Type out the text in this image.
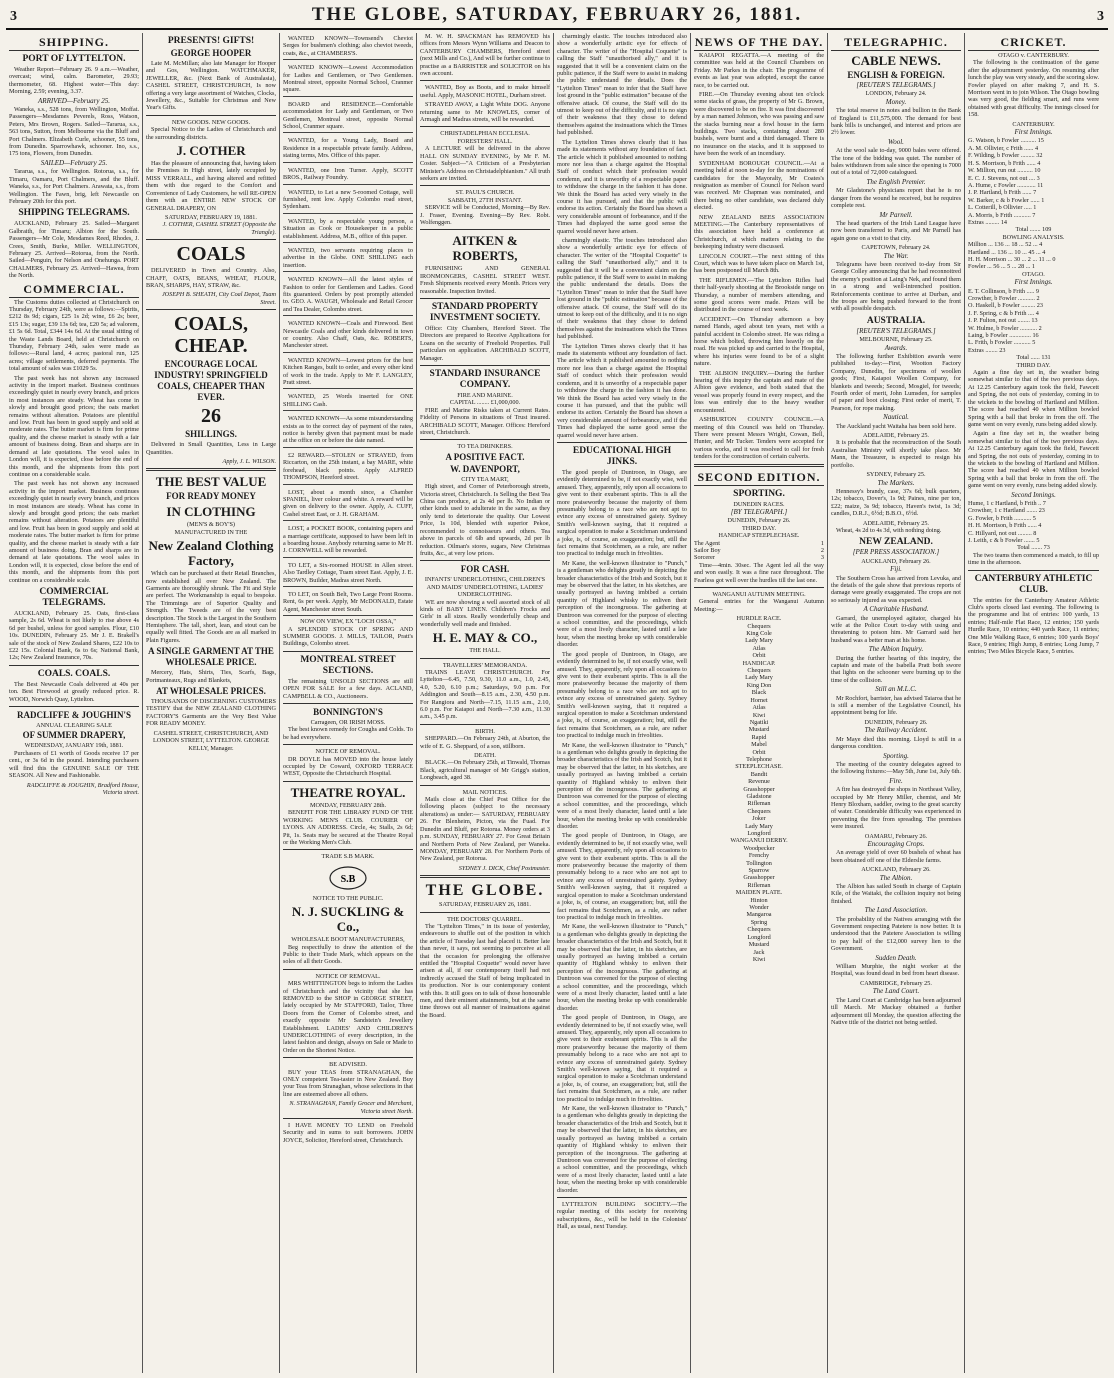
3	THE GLOBE, SATURDAY, FEBRUARY 26, 1881.	3
SHIPPING.
PORT OF LYTTELTON.

Weather Report—February 26. 9 a.m.—Weather, overcast; wind, calm. Barometer, 29.93; thermometer, 68. Highest water—This day: Morning, 2.59; evening, 3.37.

ARRIVED—February 25.

Waneka, s.s., 528 tons, from Wellington, Moffat. Passengers—Mesdames Peverels, Ross, Watson, Peters, Mrs Brown, Rogers. Sailed—Tararua, s.s., 563 tons, Sutton, from Melbourne via the Bluff and Port Chalmers. Elizabeth Curle, schooner, 55 tons, from Dunedin. Sparrowhawk, schooner. Ino, s.s., 175 tons, Flowers, from Dunedin.

SAILED—February 25.

Tararua, s.s., for Wellington. Rotorua, s.s., for Timaru, Oamaru, Port Chalmers, and the Bluff. Waneka, s.s., for Port Chalmers. Arawata, s.s., from Wellington. The Fawn, brig, left Newcastle on February 20th for this port.

SHIPPING TELEGRAMS.

AUCKLAND, February 25. Sailed—Margaret Galbraith, for Timaru; Albion for the South. Passengers—Mr Cole, Mesdames Reed, Rhodes, J. Crees, Smith, Burke, Miller. WELLINGTON, February 25. Arrived—Rotorua, from the North. Sailed—Penguin, for Nelson and Onehunga. PORT CHALMERS, February 25. Arrived—Hawea, from the North.

COMMERCIAL.

The Customs duties collected at Christchurch on Thursday, February 24th, were as follows:—Spirits, £212 8s 9d; cigars, £25 1s 2d; wine, £6 2s; beer, £15 13s; sugar, £39 13s 6d; tea, £20 5s; ad valorem, £1 5s 6d. Total, £344 14s 6d. At the usual sitting of the Waste Lands Board, held at Christchurch on Thursday, February 24th, sales were made as follows:—Rural land, 4 acres; pastoral run, 125 acres; village settlements, deferred payments. The total amount of sales was £1029 5s.

The past week has not shown any increased activity in the import market. Business continues exceedingly quiet in nearly every branch, and prices in most instances are steady. Wheat has come in slowly and brought good prices; the oats market remains without alteration. Potatoes are plentiful and low. Fruit has been in good supply and sold at moderate rates. The butter market is firm for prime quality, and the cheese market is steady with a fair amount of business doing. Bran and sharps are in demand at late quotations. The wool sales in London will, it is expected, close before the end of this month, and the shipments from this port continue on a considerable scale.

The past week has not shown any increased activity in the import market. Business continues exceedingly quiet in nearly every branch, and prices in most instances are steady. Wheat has come in slowly and brought good prices; the oats market remains without alteration. Potatoes are plentiful and low. Fruit has been in good supply and sold at moderate rates. The butter market is firm for prime quality, and the cheese market is steady with a fair amount of business doing. Bran and sharps are in demand at late quotations. The wool sales in London will, it is expected, close before the end of this month, and the shipments from this port continue on a considerable scale.

COMMERCIAL TELEGRAMS.

AUCKLAND, February 25. Oats, first-class sample, 2s 6d. Wheat is not likely to rise above 4s 6d per bushel, unless for good samples. Flour, £10 10s. DUNEDIN, February 25. Mr J. E. Brakell's sale of the stock of New Zealand Shares, £22 10s to £22 15s. Colonial Bank, 6s to 6s; National Bank, 12s; New Zealand Insurance, 70s.

COALS. COALS.

The Best Newcastle Coals delivered at 40s per ton. Best Firewood at greatly reduced price. R. WOOD, Norwich Quay, Lyttelton.

RADCLIFFE & JOUGHIN'S
ANNUAL CLEARING SALE
OF SUMMER DRAPERY,
WEDNESDAY, JANUARY 19th, 1881.

Purchasers of £1 worth of Goods receive 17 per cent., or 3s 6d in the pound. Intending purchasers will find this the GENUINE SALE OF THE SEASON. All New and Fashionable.

RADCLIFFE & JOUGHIN, Bradford House, Victoria street.
PRESENTS! GIFTS!
GEORGE HOOPER

Late M. McMillan; also late Manager for Hooper and Gos, Wellington. WATCHMAKER, JEWELLER, &c. (Next Bank of Australasia), CASHEL STREET, CHRISTCHURCH, Is now offering a very large assortment of Watches, Clocks, Jewellery, &c., Suitable for Christmas and New Year's Gifts.

NEW GOODS. NEW GOODS.

Special Notice to the Ladies of Christchurch and the surrounding districts.

J. COTHER

Has the pleasure of announcing that, having taken the Premises in High street, lately occupied by MISS VERRALL, and having altered and refitted them with due regard to the Comfort and Convenience of Lady Customers, he will RE-OPEN them with an ENTIRE NEW STOCK OF GENERAL DRAPERY, ON

SATURDAY, FEBRUARY 19, 1881.
J. COTHER, CASHEL STREET (Opposite the Triangle).
COALS

DELIVERED in Town and Country. Also, CHAFF, OATS, BEANS, WHEAT, FLOUR, BRAN, SHARPS, HAY, STRAW, &c.

JOSEPH B. SHEATH, City Coal Depot, Tuam Street.
COALS, CHEAP.
ENCOURAGE LOCAL INDUSTRY! SPRINGFIELD COALS, CHEAPER THAN EVER.
26
SHILLINGS.

Delivered in Small Quantities, Less in Large Quantities.

Apply, J. L. WILSON.
THE BEST VALUE
FOR READY MONEY
IN CLOTHING
(MEN'S & BOY'S)
MANUFACTURED IN THE
New Zealand Clothing Factory,

Which can be purchased at their Retail Branches, now established all over New Zealand. The Garments are thoroughly shrunk. The Fit and Style are perfect. The Workmanship is equal to bespoke. The Trimmings are of Superior Quality and Strength. The Tweeds are of the very best description. The Stock is the Largest in the Southern Hemisphere. The tall, short, lean, and stout can be equally well fitted. The Goods are as all marked in Plain Figures.

A SINGLE GARMENT AT THE WHOLESALE PRICE.

Mercery, Hats, Shirts, Ties, Scarfs, Bags, Portmanteaux, Rugs and Blankets,

AT WHOLESALE PRICES.

THOUSANDS OF DISCERNING CUSTOMERS TESTIFY that the NEW ZEALAND CLOTHING FACTORY'S Garments are the Very Best Value FOR READY MONEY.

CASHEL STREET, CHRISTCHURCH, AND LONDON STREET, LYTTELTON. GEORGE KELLY, Manager.

WANTED KNOWN—Townsend's Cheviot Serges for bushmen's clothing; also cheviot tweeds, coats, &c., at CHAMBERS'S.

WANTED KNOWN—Lowest Accommodation for Ladies and Gentlemen, or Two Gentlemen. Montreal street, opposite Normal School, Cranmer square.

BOARD and RESIDENCE—Comfortable accommodation for Lady and Gentleman, or Two Gentlemen, Montreal street, opposite Normal School, Cranmer square.

WANTED, for a Young Lady, Board and Residence in a respectable private family. Address, stating terms, Mrs. Office of this paper.

WANTED, one Iron Turner. Apply, SCOTT BROS., Railway Foundry.

WANTED, to Let a new 5-roomed Cottage, well furnished, rent low. Apply Colombo road street, Sydenham.

WANTED, by a respectable young person, a Situation as Cook or Housekeeper in a public establishment. Address, M.B., office of this paper.

WANTED, two servants requiring places to advertise in the Globe. ONE SHILLING each insertion.

WANTED KNOWN—All the latest styles of Fashion to order for Gentlemen and Ladies. Good fits guaranteed. Orders by post promptly attended to. GEO. A. WAUGH, Wholesale and Retail Grocer and Tea Dealer, Colombo street.

WANTED KNOWN—Coals and Firewood. Best Newcastle Coals and other kinds delivered in town or country. Also Chaff, Oats, &c. ROBERTS, Manchester street.

WANTED KNOWN—Lowest prices for the best Kitchen Ranges, built to order, and every other kind of work in the trade. Apply to Mr F. LANGLEY, Pratt street.

WANTED, 25 Words inserted for ONE SHILLING Cash.

WANTED KNOWN—As some misunderstanding exists as to the correct day of payment of the rates, notice is hereby given that payment must be made at the office on or before the date named.

£2 REWARD.—STOLEN or STRAYED, from Riccarton, on the 25th instant, a bay MARE, white forehead, black points. Apply ALFRED THOMPSON, Hereford street.

LOST, about a month since, a Chamber SPANIEL, liver colour and white. A reward will be given on delivery to the owner. Apply, A. CUFF, Cashel street East, or J. H. GRAHAM.

LOST, a POCKET BOOK, containing papers and a marriage certificate, supposed to have been left in a boarding house. Anybody returning same to Mr H. J. CORNWELL will be rewarded.

TO LET, a Six-roomed HOUSE in Allen street. Also Tardley Cottage, Tuam street East. Apply, J. E. BROWN, Builder, Madras street North.

TO LET, on South Belt, Two Large Front Rooms. Rent, 6s per week. Apply, Mr McDONALD, Estate Agent, Manchester street South.

NOW ON VIEW, EX "LOCH OSSA,"

A SPLENDID STOCK OF SPRING AND SUMMER GOODS. J. MILLS, TAILOR, Pratt's Buildings, Colombo street.

MONTREAL STREET SECTIONS.

The remaining UNSOLD SECTIONS are still OPEN FOR SALE for a few days. ACLAND, CAMPBELL & CO., Auctioneers.

BONNINGTON'S
Carrageen, OR IRISH MOSS.

The best known remedy for Coughs and Colds. To be had everywhere.

NOTICE OF REMOVAL.

DR DOYLE has MOVED into the house lately occupied by Dr Coward, OXFORD TERRACE WEST, Opposite the Christchurch Hospital.

THEATRE ROYAL.
MONDAY, FEBRUARY 28th.

BENEFIT FOR THE LIBRARY FUND OF THE WORKING MEN'S CLUB. COURIER OF LYONS. AN ADDRESS. Circle, 4s; Stalls, 2s 6d; Pit, 1s. Seats may be secured at the Theatre Royal or the Working Men's Club.

TRADE S.B MARK.
S.B
NOTICE TO THE PUBLIC.
N. J. SUCKLING & Co.,
WHOLESALE BOOT MANUFACTURERS,

Beg respectfully to draw the attention of the Public to their Trade Mark, which appears on the soles of all their Goods.

NOTICE OF REMOVAL.

MRS WHITTINGTON begs to inform the Ladies of Christchurch and the vicinity that she has REMOVED to the SHOP in GEORGE STREET, lately occupied by Mr STAFFORD, Tailor, Three Doors from the Corner of Colombo street, and exactly opposite Mr Sandstein's Jewellery Establishment. LADIES' AND CHILDREN'S UNDERCLOTHING of every description, in the latest fashion and design, always on Sale or Made to Order on the Shortest Notice.

BE ADVISED.

BUY your TEAS from STRANAGHAN, the ONLY competent Tea-taster in New Zealand. Buy your Teas from Stranaghan, whose selections in that line are esteemed above all others.

N. STRANAGHAN, Family Grocer and Merchant, Victoria street North.

I HAVE MONEY TO LEND on Freehold Security and in sums to suit borrowers. JOHN JOYCE, Solicitor, Hereford street, Christchurch.

M. W. H. SPACKMAN has REMOVED his offices from Messrs Wynn Williams and Deacon to CANTERBURY CHAMBERS, Hereford street (next Mills and Co.), And will be further continue to practise as a BARRISTER and SOLICITOR on his own account.

WANTED, Boy as Boots, and to make himself useful. Apply, MASONIC HOTEL, Durham street.

STRAYED AWAY, a Light White DOG. Anyone returning same to Mr KNOWLES, corner of Armagh and Madras streets, will be rewarded.

CHRISTADELPHIAN ECCLESIA.
FORESTERS' HALL.

A LECTURE will be delivered in the above HALL ON SUNDAY EVENING, by Mr F. M. Coster. Subject—"A Criticism of a Presbyterian Minister's Address on Christadelphianism." All truth seekers are invited.

ST. PAUL'S CHURCH.
SABBATH, 27TH INSTANT.

SERVICE will be Conducted, Morning—By Rev. J. Fraser, Evening. Evening—By Rev. Robt. Wolfenggen.

AITKEN & ROBERTS,

FURNISHING AND GENERAL IRONMONGERS, CASHEL STREET WEST. Fresh Shipments received every Month. Prices very reasonable. Inspection Invited.

STANDARD PROPERTY INVESTMENT SOCIETY.

Office: City Chambers, Hereford Street. The Directors are prepared to Receive Applications for Loans on the security of Freehold Properties. Full particulars on application. ARCHIBALD SCOTT, Manager.

STANDARD INSURANCE COMPANY.
FIRE AND MARINE.
CAPITAL ........ £1,000,000.

FIRE and Marine Risks taken at Current Rates. Fidelity of Persons in situations of Trust insured. ARCHIBALD SCOTT, Manager. Offices: Hereford street, Christchurch.

TO TEA DRINKERS.
A POSITIVE FACT.
W. DAVENPORT,
CITY TEA MART,

High street, and Corner of Peterborough streets, Victoria street, Christchurch. Is Selling the Best Tea China can produce, at 2s 4d per lb. No Indian or other kinds used to adulterate in the same, as they only tend to deteriorate the quality. Our Lowest Price, 1s 10d, blended with superior Pekoe, recommended to connoisseurs and others. Tea above in parcels of 6lb and upwards, 2d per lb reduction. Oilman's stores, sugars, New Christmas fruits, &c., at very low prices.

FOR CASH.
INFANTS' UNDERCLOTHING, CHILDREN'S AND MAIDS' UNDERCLOTHING, LADIES' UNDERCLOTHING.

WE are now showing a well assorted stock of all kinds of BABY LINEN. Children's Frocks and Girls' in all sizes. Really wonderfully cheap and wonderfully well made and finished.

H. E. MAY & CO.,
THE HALL.
TRAVELLERS' MEMORANDA.

TRAINS LEAVE CHRISTCHURCH. For Lyttelton—6.45, 7.50, 9.30, 11.0 a.m., 1.0, 2.45, 4.0, 5.20, 6.10 p.m.; Saturdays, 9.0 p.m. For Addington and South—8.15 a.m., 2.30, 4.50 p.m. For Rangiora and North—7.15, 11.15 a.m., 2.10, 6.0 p.m. For Kaiapoi and North—7.30 a.m., 11.30 a.m., 3.45 p.m.

BIRTH.

SHEPPARD.—On February 24th, at Aburton, the wife of E. G. Sheppard, of a son, stillborn.

DEATH.

BLACK.—On February 25th, at Tinwald, Thomas Black, agricultural manager of Mr Grigg's station, Longbeach, aged 38.

MAIL NOTICES.

Mails close at the Chief Post Office for the following places (subject to the necessary alterations) as under:— SATURDAY, FEBRUARY 26. For Blenheim, Picton, via the Fuad. For Dunedin and Bluff, per Rotorua. Money orders at 3 p.m. SUNDAY, FEBRUARY 27. For Great Britain and Northern Ports of New Zealand, per Waneka. MONDAY, FEBRUARY 28. For Northern Ports of New Zealand, per Rotorua.

SYDNEY J. DICK, Chief Postmaster.
THE GLOBE.
SATURDAY, FEBRUARY 26, 1881.
THE DOCTORS' QUARREL.

The "Lyttelton Times," in its issue of yesterday, endeavours to shuffle out of the position in which the article of Tuesday last had placed it. Better late than never, it says, not seeming to perceive at all that the occasion for prolonging the offensive entitled the "Hospital Coquette" would never have arisen at all, if our contemporary itself had not indirectly accused the Staff of being implicated in its production. Nor is our contemporary content with this. It still goes on to talk of those honourable men, and their eminent attainments, but at the same time throws out all manner of insinuations against the Board.

charmingly elastic. The touches introduced also show a wonderfully artistic eye for effects of character. The writer of the "Hospital Coquette" is calling the Staff "unauthorised ally," and it is suggested that it will be a convenient claim on the public patience, if the Staff were to assist in making the public understand the details. Does the "Lyttelton Times" mean to infer that the Staff have lost ground in the "public estimation" because of the offensive attack. Of course, the Staff will do its utmost to keep out of the difficulty, and it is no sign of their weakness that they chose to defend themselves against the insinuations which the Times had published.

The Lyttelton Times shows clearly that it has made its statements without any foundation of fact. The article which it published amounted to nothing more nor less than a charge against the Hospital Staff of conduct which their profession would condemn, and it is unworthy of a respectable paper to withdraw the charge in the fashion it has done. We think the Board has acted very wisely in the course it has pursued, and that the public will endorse its action. Certainly the Board has shown a very considerable amount of forbearance, and if the Times had displayed the same good sense the quarrel would never have arisen.

charmingly elastic. The touches introduced also show a wonderfully artistic eye for effects of character. The writer of the "Hospital Coquette" is calling the Staff "unauthorised ally," and it is suggested that it will be a convenient claim on the public patience, if the Staff were to assist in making the public understand the details. Does the "Lyttelton Times" mean to infer that the Staff have lost ground in the "public estimation" because of the offensive attack. Of course, the Staff will do its utmost to keep out of the difficulty, and it is no sign of their weakness that they chose to defend themselves against the insinuations which the Times had published.

The Lyttelton Times shows clearly that it has made its statements without any foundation of fact. The article which it published amounted to nothing more nor less than a charge against the Hospital Staff of conduct which their profession would condemn, and it is unworthy of a respectable paper to withdraw the charge in the fashion it has done. We think the Board has acted very wisely in the course it has pursued, and that the public will endorse its action. Certainly the Board has shown a very considerable amount of forbearance, and if the Times had displayed the same good sense the quarrel would never have arisen.

EDUCATIONAL HIGH JINKS.

The good people of Duntroon, in Otago, are evidently determined to be, if not exactly wise, well amused. They, apparently, rely upon all occasions to give vent to their exuberant spirits. This is all the more praiseworthy because the majority of them presumably belong to a race who are not apt to evince any excess of unrestrained gaiety. Sydney Smith's well-known saying, that it required a surgical operation to make a Scotchman understand a joke, is, of course, an exaggeration; but, still the fact remains that Scotchmen, as a rule, are rather too practical to indulge much in frivolities.

Mr Kane, the well-known illustrator to "Punch," is a gentleman who delights greatly in depicting the broader characteristics of the Irish and Scotch, but it may be observed that the latter, in his sketches, are usually portrayed as having imbibed a certain quantity of Highland whisky to enliven their perception of the incongruous. The gathering at Duntroon was convened for the purpose of electing a school committee, and the proceedings, which were of a most lively character, lasted until a late hour, when the meeting broke up with considerable disorder.

The good people of Duntroon, in Otago, are evidently determined to be, if not exactly wise, well amused. They, apparently, rely upon all occasions to give vent to their exuberant spirits. This is all the more praiseworthy because the majority of them presumably belong to a race who are not apt to evince any excess of unrestrained gaiety. Sydney Smith's well-known saying, that it required a surgical operation to make a Scotchman understand a joke, is, of course, an exaggeration; but, still the fact remains that Scotchmen, as a rule, are rather too practical to indulge much in frivolities.

Mr Kane, the well-known illustrator to "Punch," is a gentleman who delights greatly in depicting the broader characteristics of the Irish and Scotch, but it may be observed that the latter, in his sketches, are usually portrayed as having imbibed a certain quantity of Highland whisky to enliven their perception of the incongruous. The gathering at Duntroon was convened for the purpose of electing a school committee, and the proceedings, which were of a most lively character, lasted until a late hour, when the meeting broke up with considerable disorder.

The good people of Duntroon, in Otago, are evidently determined to be, if not exactly wise, well amused. They, apparently, rely upon all occasions to give vent to their exuberant spirits. This is all the more praiseworthy because the majority of them presumably belong to a race who are not apt to evince any excess of unrestrained gaiety. Sydney Smith's well-known saying, that it required a surgical operation to make a Scotchman understand a joke, is, of course, an exaggeration; but, still the fact remains that Scotchmen, as a rule, are rather too practical to indulge much in frivolities.

Mr Kane, the well-known illustrator to "Punch," is a gentleman who delights greatly in depicting the broader characteristics of the Irish and Scotch, but it may be observed that the latter, in his sketches, are usually portrayed as having imbibed a certain quantity of Highland whisky to enliven their perception of the incongruous. The gathering at Duntroon was convened for the purpose of electing a school committee, and the proceedings, which were of a most lively character, lasted until a late hour, when the meeting broke up with considerable disorder.

The good people of Duntroon, in Otago, are evidently determined to be, if not exactly wise, well amused. They, apparently, rely upon all occasions to give vent to their exuberant spirits. This is all the more praiseworthy because the majority of them presumably belong to a race who are not apt to evince any excess of unrestrained gaiety. Sydney Smith's well-known saying, that it required a surgical operation to make a Scotchman understand a joke, is, of course, an exaggeration; but, still the fact remains that Scotchmen, as a rule, are rather too practical to indulge much in frivolities.

Mr Kane, the well-known illustrator to "Punch," is a gentleman who delights greatly in depicting the broader characteristics of the Irish and Scotch, but it may be observed that the latter, in his sketches, are usually portrayed as having imbibed a certain quantity of Highland whisky to enliven their perception of the incongruous. The gathering at Duntroon was convened for the purpose of electing a school committee, and the proceedings, which were of a most lively character, lasted until a late hour, when the meeting broke up with considerable disorder.

LYTTELTON BUILDING SOCIETY.—The regular meeting of this society for receiving subscriptions, &c., will be held in the Colonists' Hall, as usual, next Tuesday.

NEWS OF THE DAY.

KAIAPOI REGATTA.—A meeting of the committee was held at the Council Chambers on Friday. Mr Parkes in the chair. The programme of events as last year was adopted, except the canoe race, to be carried out.

FIRE.—On Thursday evening about ten o'clock some stacks of grass, the property of Mr G. Brown, were discovered to be on fire. It was first discovered by a man named Johnson, who was passing and saw the stacks burning near a fowl house in the farm buildings. Two stacks, containing about 280 bushels, were burnt and a third damaged. There is no insurance on the stacks, and it is supposed to have been the work of an incendiary.

SYDENHAM BOROUGH COUNCIL.—At a meeting held at noon to-day for the nominations of candidates for the Mayoralty, Mr Coates's resignation as member of Council for Nelson ward was received. Mr Chapman was nominated, and there being no other candidate, was declared duly elected.

NEW ZEALAND BEES ASSOCIATION MEETING.—The Canterbury representatives of this association have held a conference at Christchurch, at which matters relating to the beekeeping industry were discussed.

LINCOLN COURT.—The next sitting of this Court, which was to have taken place on March 1st, has been postponed till March 8th.

THE RIFLEMEN.—The Lyttelton Rifles had their half-yearly shooting at the Brookside range on Thursday, a number of members attending, and some good scores were made. Prizes will be distributed in the course of next week.

ACCIDENT.—On Thursday afternoon a boy named Hands, aged about ten years, met with a painful accident in Colombo street. He was riding a horse which bolted, throwing him heavily on the road. He was picked up and carried to the Hospital, where his injuries were found to be of a slight nature.

THE ALBION INQUIRY.—During the further hearing of this inquiry the captain and mate of the Albion gave evidence, and both stated that the vessel was properly found in every respect, and the loss was entirely due to the heavy weather encountered.

ASHBURTON COUNTY COUNCIL.—A meeting of this Council was held on Thursday. There were present Messrs Wright, Cowan, Bell, Hunter, and Mr Tucker. Tenders were accepted for various works, and it was resolved to call for fresh tenders for the construction of certain culverts.

SECOND EDITION.
SPORTING.
DUNEDIN RACES.
[BY TELEGRAPH.]
DUNEDIN, February 26.
THIRD DAY.
HANDICAP STEEPLECHASE.
The Agent	1
Sailor Boy	2
Sorcerer	3

Time—4min. 30sec. The Agent led all the way and won easily. It was a fine race throughout. The Fearless got well over the hurdles till the last one.

WANGANUI AUTUMN MEETING.

General entries for the Wanganui Autumn Meeting:—

HURDLE RACE.
Chequers
King Cole
Lady Mary
Atlas
Orbit
HANDICAP.
Chequers
Lady Mary
King Don
Black
Hornet
Atlas
Kiwi
Ngatiki
Mustard
Rapid
Mabel
Orbit
Telephone
STEEPLECHASE.
Bandit
Revenue
Grasshopper
Gladstone
Rifleman
Chequers
Joker
Lady Mary
Longford
WANGANUI DERBY.
Woodpecker
Frenchy
Tollington
Sparrow
Grasshopper
Rifleman
MAIDEN PLATE.
Hinton
Wonder
Mangaroa
Spring
Chequers
Longford
Mustard
Jack
Kiwi
TELEGRAPHIC.
CABLE NEWS.
ENGLISH & FOREIGN.
[REUTER'S TELEGRAMS.]
LONDON, February 24.
Money.

The total reserve in notes and bullion in the Bank of England is £11,575,000. The demand for best bank bills is unchanged, and interest and prices are 2½ lower.

Wool.

At the wool sale to-day, 9000 bales were offered. The tone of the bidding was quiet. The number of bales withdrawn from sale since the opening is 7000 out of a total of 72,000 catalogued.

The English Premier.

Mr Gladstone's physicians report that he is no danger from the wound he received, but he requires complete rest.

Mr Parnell.

The head quarters of the Irish Land League have now been transferred to Paris, and Mr Parnell has again gone on a visit to that city.

CAPETOWN, February 24.
The War.

Telegrams have been received to-day from Sir George Colley announcing that he had reconnoitred the enemy's position at Laing's Nek, and found them in a strong and well-intrenched position. Reinforcements continue to arrive at Durban, and the troops are being pushed forward to the front with all possible despatch.

AUSTRALIA.
[REUTER'S TELEGRAMS.]
MELBOURNE, February 25.
Awards.

The following further Exhibition awards were published to-day:—First, Wootton Factory Company, Dunedin, for specimens of woollen goods; First, Kaiapoi Woollen Company, for blankets and tweeds; Second, Mosgiel, for tweeds; Fourth order of merit, John Lumsden, for samples of paper and boot closing; First order of merit, T. Pearson, for rope making.

Nautical.

The Auckland yacht Waitaha has been sold here.

ADELAIDE, February 25.

It is probable that the reconstruction of the South Australian Ministry will shortly take place. Mr Mann, the Treasurer, is expected to resign his portfolio.

SYDNEY, February 25.
The Markets.

Hennessy's brandy, case, 37s 6d; bulk quarters, 12s; tobacco, Dover's, 1s 9d; Paines, nine per ton, £22; maize, 3s 9d; tobacco, Haven's twist, 1s 3d; candles, D.R.J., 6½d; B.B.O., 6½d.

ADELAIDE, February 25.

Wheat, 4s 2d to 4s 3d, with nothing doing.

NEW ZEALAND.
[PER PRESS ASSOCIATION.]
AUCKLAND, February 26.
Fiji.

The Southern Cross has arrived from Levuka, and the details of the gale show that previous reports of damage were greatly exaggerated. The crops are not so seriously injured as was expected.

A Charitable Husband.

Garrard, the unemployed agitator, charged his wife at the Police Court to-day with using and threatening to poison him. Mr Garrard said her husband was a better man at his home.

The Albion Inquiry.

During the further hearing of this inquiry, the captain and mate of the Isabella Pratt both swore that lights on the schooner were burning up to the time of the collision.

Still an M.L.C.

Mr Rochfort, barrister, has advised Taiaroa that he is still a member of the Legislative Council, his appointment being for life.

DUNEDIN, February 26.
The Railway Accident.

Mr Maye died this morning. Lloyd is still in a dangerous condition.

Sporting.

The meeting of the country delegates agreed to the following fixtures:—May 5th, June 1st, July 6th.

Fire.

A fire has destroyed the shops in Northeast Valley, occupied by Mr Henry Miller, chemist, and Mr Henry Bloxham, saddler, owing to the great scarcity of water. Considerable difficulty was experienced in preventing the fire from spreading. The premises were insured.

OAMARU, February 26.
Encouraging Crops.

An average yield of over 60 bushels of wheat has been obtained off one of the Elderslie farms.

AUCKLAND, February 26.
The Albion.

The Albion has sailed South in charge of Captain Kile, of the Waitaki, the collision inquiry not being finished.

The Land Association.

The probability of the Natives arranging with the Government respecting Patetere is now better. It is understood that the Patetere Association is willing to pay half of the £12,000 survey lien to the Government.

Sudden Death.

William Murphie, the night worker at the Hospital, was found dead in bed from heart disease.

CAMBRIDGE, February 25.
The Land Court.

The Land Court at Cambridge has been adjourned till March. Mr Mackay obtained a further adjournment till Monday, the question affecting the Native title of the district not being settled.

CRICKET.
OTAGO v. CANTERBURY.

The following is the continuation of the game after the adjournment yesterday. On resuming after lunch the play was very steady, and the scoring slow. Fowler played on after making 7, and H. S. Morrison went in to join Wilson. The Otago bowling was very good, the fielding smart, and runs were obtained with great difficulty. The innings closed for 158.

CANTERBURY.
First Innings.
G. Watson, b Fowler .......... 15
A. M. Ollivier, c Frith ...... 4
F. Wilding, b Fowler ......... 32
H. S. Morrison, b Frith ...... 4
W. Millton, run out .......... 10
E. C. J. Stevens, not out .... 3
A. Hume, c Fowler ............ 11
J. P. Hartland, b Frith ...... 7
W. Barker, c & b Fowler ...... 1
L. Cotterill, b Ollivier ..... 1
A. Morris, b Frith ........... 7
Extras ......... 14
Total ....... 109
BOWLING ANALYSIS.
Millton ... 136 ... 18 ... 52 ... 4
Hartland ... 136 ... 10 ... 45 ... 4
H. H. Morrison ... 30 ... 2 ... 11 ... 0
Fowler ... 56 ... 5 ... 28 ... 1
OTAGO.
First Innings.
E. T. Collinson, b Frith ..... 9
Crowther, b Fowler ........... 2
O. Haskell, b Fowler ......... 23
J. F. Spring, c & b Frith .... 4
J. P. Fulton, not out ........ 13
W. Hulme, b Fowler ........... 2
Laing, b Fowler .............. 16
L. Frith, b Fowler ........... 5
Extras ........ 23
Total ...... 131
THIRD DAY.

Again a fine day set in, the weather being somewhat similar to that of the two previous days. At 12.25 Canterbury again took the field, Fawcett and Spring, the not outs of yesterday, coming in to the wickets to the bowling of Hartland and Millton. The score had reached 40 when Millton bowled Spring with a ball that broke in from the off. The game went on very evenly, runs being added slowly.

Again a fine day set in, the weather being somewhat similar to that of the two previous days. At 12.25 Canterbury again took the field, Fawcett and Spring, the not outs of yesterday, coming in to the wickets to the bowling of Hartland and Millton. The score had reached 40 when Millton bowled Spring with a ball that broke in from the off. The game went on very evenly, runs being added slowly.

Second Innings.
Hume, 1 c Hartland, b Frith .. 7
Crowther, 1 c Hartland ....... 23
G. Fowler, b Frith ........... 5
H. H. Morrison, b Frith ...... 4
C. Hillyard, not out ......... 8
J. Leith, c & b Fowler ....... 5
Total ....... 73

The two teams then commenced a match, to fill up time in the afternoon.

CANTERBURY ATHLETIC CLUB.

The entries for the Canterbury Amateur Athletic Club's sports closed last evening. The following is the programme and list of entries: 100 yards, 13 entries; Half-mile Flat Race, 12 entries; 150 yards Hurdle Race, 10 entries; 440 yards Race, 11 entries; One Mile Walking Race, 6 entries; 100 yards Boys' Race, 9 entries; High Jump, 8 entries; Long Jump, 7 entries; Two Miles Bicycle Race, 5 entries.
